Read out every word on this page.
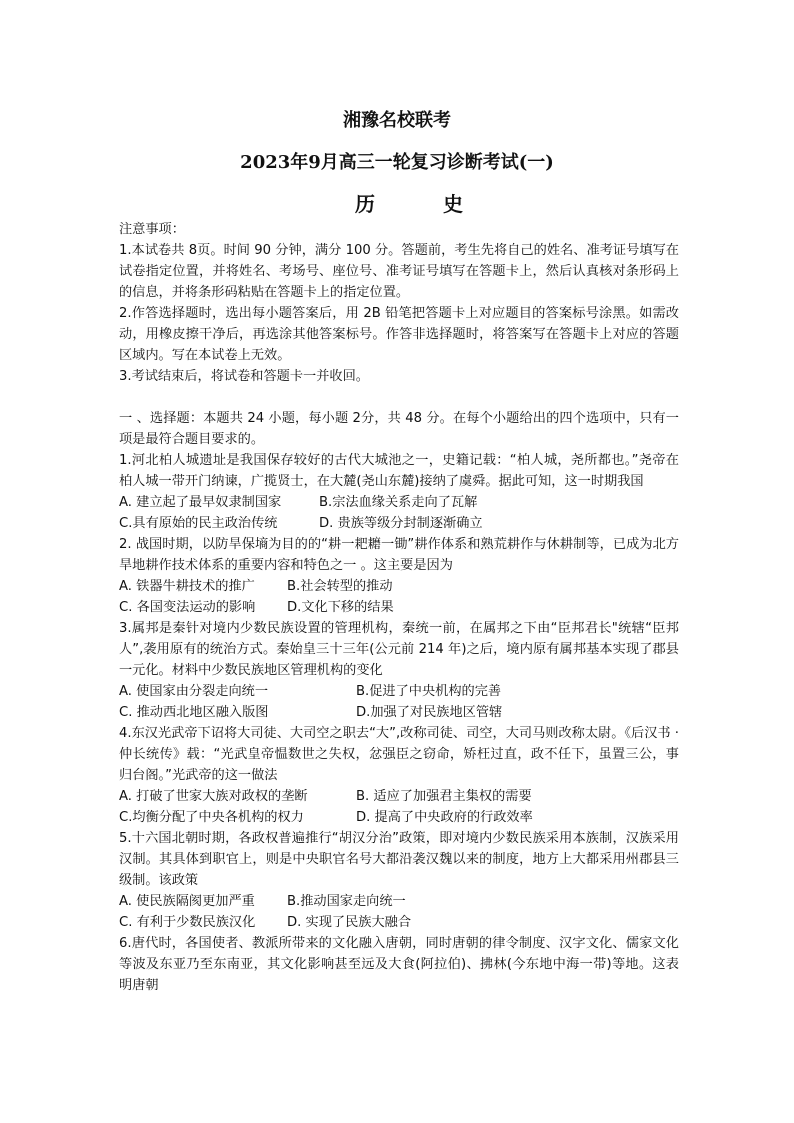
湘豫名校联考
2023年9月高三一轮复习诊断考试(一)
历　史

注意事项：

1.本试卷共 8页。时间 90 分钟，满分 100 分。答题前，考生先将自己的姓名、准考证号填写在试卷指定位置，并将姓名、考场号、座位号、准考证号填写在答题卡上，然后认真核对条形码上的信息，并将条形码粘贴在答题卡上的指定位置。

2.作答选择题时，选出每小题答案后，用 2B 铅笔把答题卡上对应题目的答案标号涂黑。如需改动，用橡皮擦干净后，再选涂其他答案标号。作答非选择题时，将答案写在答题卡上对应的答题区域内。写在本试卷上无效。

3.考试结束后，将试卷和答题卡一并收回。

一 、选择题：本题共 24 小题，每小题 2分，共 48 分。在每个小题给出的四个选项中，只有一项是最符合题目要求的。

1.河北柏人城遗址是我国保存较好的古代大城池之一，史籍记载：“柏人城，尧所都也。”尧帝在柏人城一带开门纳谏，广揽贤士，在大麓(尧山东麓)接纳了虞舜。据此可知，这一时期我国

A. 建立起了最早奴隶制国家	B.宗法血缘关系走向了瓦解
C.具有原始的民主政治传统	D. 贵族等级分封制逐渐确立

2. 战国时期，以防旱保墒为目的的“耕一耙耱一锄”耕作体系和熟荒耕作与休耕制等，已成为北方旱地耕作技术体系的重要内容和特色之一 。这主要是因为

A. 铁器牛耕技术的推广	B.社会转型的推动
C. 各国变法运动的影响	D.文化下移的结果

3.属邦是秦针对境内少数民族设置的管理机构，秦统一前，在属邦之下由“臣邦君长"统辖“臣邦人”,袭用原有的统治方式。秦始皇三十三年(公元前 214 年)之后，境内原有属邦基本实现了郡县一元化。材料中少数民族地区管理机构的变化

A. 使国家由分裂走向统一	B.促进了中央机构的完善
C. 推动西北地区融入版图	D.加强了对民族地区管辖

4.东汉光武帝下诏将大司徒、大司空之职去“大”,改称司徒、司空，大司马则改称太尉。《后汉书 ·仲长统传》载：“光武皇帝愠数世之失权，忿强臣之窃命，矫枉过直，政不任下，虽置三公，事归台阁。”光武帝的这一做法

A. 打破了世家大族对政权的垄断	B. 适应了加强君主集权的需要
C.均衡分配了中央各机构的权力	D. 提高了中央政府的行政效率

5.十六国北朝时期，各政权普遍推行“胡汉分治”政策，即对境内少数民族采用本族制，汉族采用汉制。其具体到职官上，则是中央职官名号大都沿袭汉魏以来的制度，地方上大都采用州郡县三级制。该政策

A. 使民族隔阂更加严重	B.推动国家走向统一
C. 有利于少数民族汉化	D. 实现了民族大融合

6.唐代时，各国使者、教派所带来的文化融入唐朝，同时唐朝的律令制度、汉字文化、儒家文化等波及东亚乃至东南亚，其文化影响甚至远及大食(阿拉伯)、拂林(今东地中海一带)等地。这表明唐朝
